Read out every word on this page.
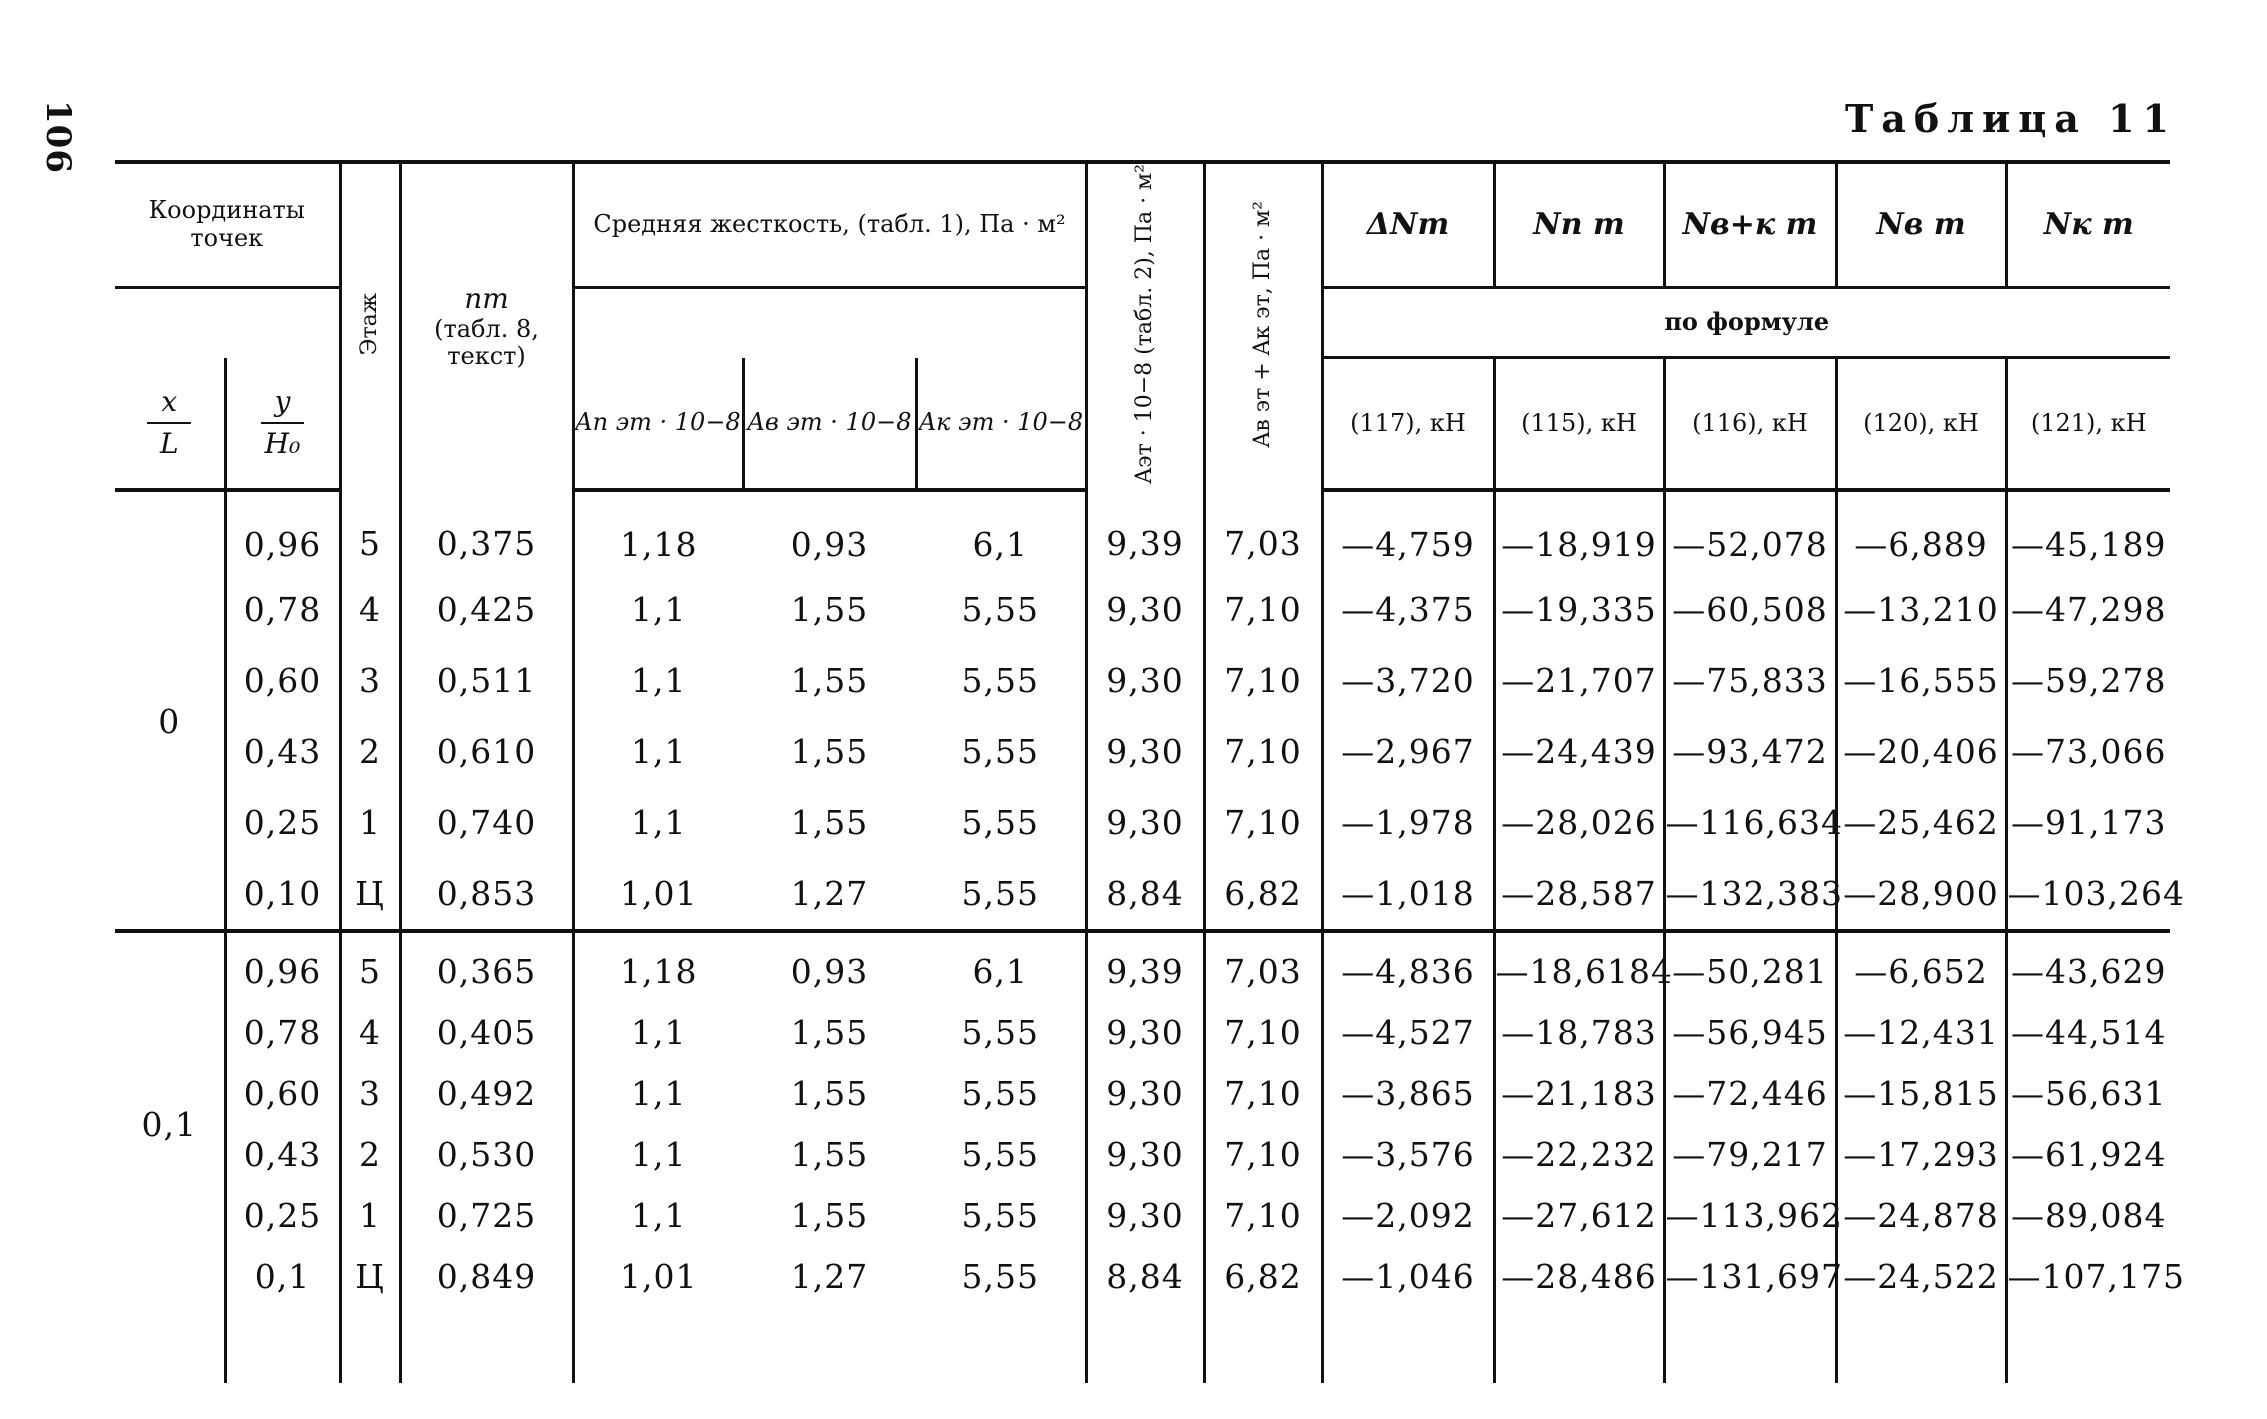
106	Таблица 11
Координаты точек		Этаж	nm
(табл. 8, текст)	Средняя жесткость, (табл. 1), Па · м²			Aэт · 10−8 (табл. 2), Па · м²	Aв эт + Aк эт, Па · м²	ΔNm	Nп m	Nв+к m	Nв m	Nк m
									по формуле				

$\frac{x}{L}$	$\frac{y}{\text{H₀}}$			Aп эт · 10−8	Aв эт · 10−8	Aк эт · 10−8			(117), кН	(115), кН	(116), кН	(120), кН	(121), кН
0	0,96	5	0,375	1,18	0,93	6,1	9,39	7,03	—4,759	—18,919	—52,078	—6,889	—45,189
	0,78	4	0,425	1,1	1,55	5,55	9,30	7,10	—4,375	—19,335	—60,508	—13,210	—47,298
	0,60	3	0,511	1,1	1,55	5,55	9,30	7,10	—3,720	—21,707	—75,833	—16,555	—59,278
	0,43	2	0,610	1,1	1,55	5,55	9,30	7,10	—2,967	—24,439	—93,472	—20,406	—73,066
	0,25	1	0,740	1,1	1,55	5,55	9,30	7,10	—1,978	—28,026	—116,634	—25,462	—91,173
	0,10	Ц	0,853	1,01	1,27	5,55	8,84	6,82	—1,018	—28,587	—132,383	—28,900	—103,264
0,1	0,96	5	0,365	1,18	0,93	6,1	9,39	7,03	—4,836	—18,6184	—50,281	—6,652	—43,629
	0,78	4	0,405	1,1	1,55	5,55	9,30	7,10	—4,527	—18,783	—56,945	—12,431	—44,514
	0,60	3	0,492	1,1	1,55	5,55	9,30	7,10	—3,865	—21,183	—72,446	—15,815	—56,631
	0,43	2	0,530	1,1	1,55	5,55	9,30	7,10	—3,576	—22,232	—79,217	—17,293	—61,924
	0,25	1	0,725	1,1	1,55	5,55	9,30	7,10	—2,092	—27,612	—113,962	—24,878	—89,084
	0,1	Ц	0,849	1,01	1,27	5,55	8,84	6,82	—1,046	—28,486	—131,697	—24,522	—107,175
